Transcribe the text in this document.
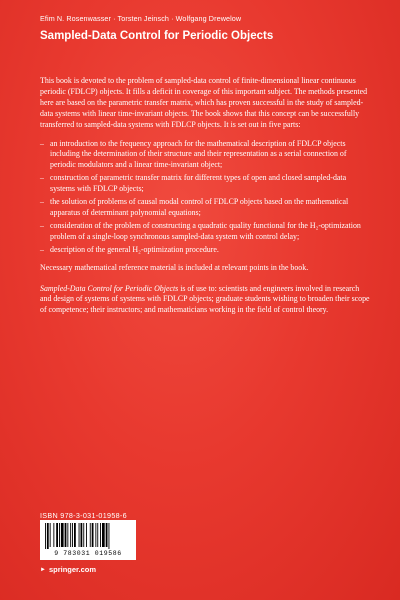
Efim N. Rosenwasser · Torsten Jeinsch · Wolfgang Drewelow
Sampled-Data Control for Periodic Objects

This book is devoted to the problem of sampled-data control of finite-dimensional linear continuous periodic (FDLCP) objects. It fills a deficit in coverage of this important subject. The methods presented here are based on the parametric transfer matrix, which has proven successful in the study of sampled-data systems with linear time-invariant objects. The book shows that this concept can be successfully transferred to sampled-data systems with FDLCP objects. It is set out in five parts:

– an introduction to the frequency approach for the mathematical description of FDLCP objects including the determination of their structure and their representation as a serial connection of periodic modulators and a linear time-invariant object;
– construction of parametric transfer matrix for different types of open and closed sampled-data systems with FDLCP objects;
– the solution of problems of causal modal control of FDLCP objects based on the mathematical apparatus of determinant polynomial equations;
– consideration of the problem of constructing a quadratic quality functional for the H₂-optimization problem of a single-loop synchronous sampled-data system with control delay;
– description of the general H₂-optimization procedure.

Necessary mathematical reference material is included at relevant points in the book.

Sampled-Data Control for Periodic Objects is of use to: scientists and engineers involved in research and design of systems of systems with FDLCP objects; graduate students wishing to broaden their scope of competence; their instructors; and mathematicians working in the field of control theory.

ISBN 978-3-031-01958-6
9 783031 019586
► springer.com
